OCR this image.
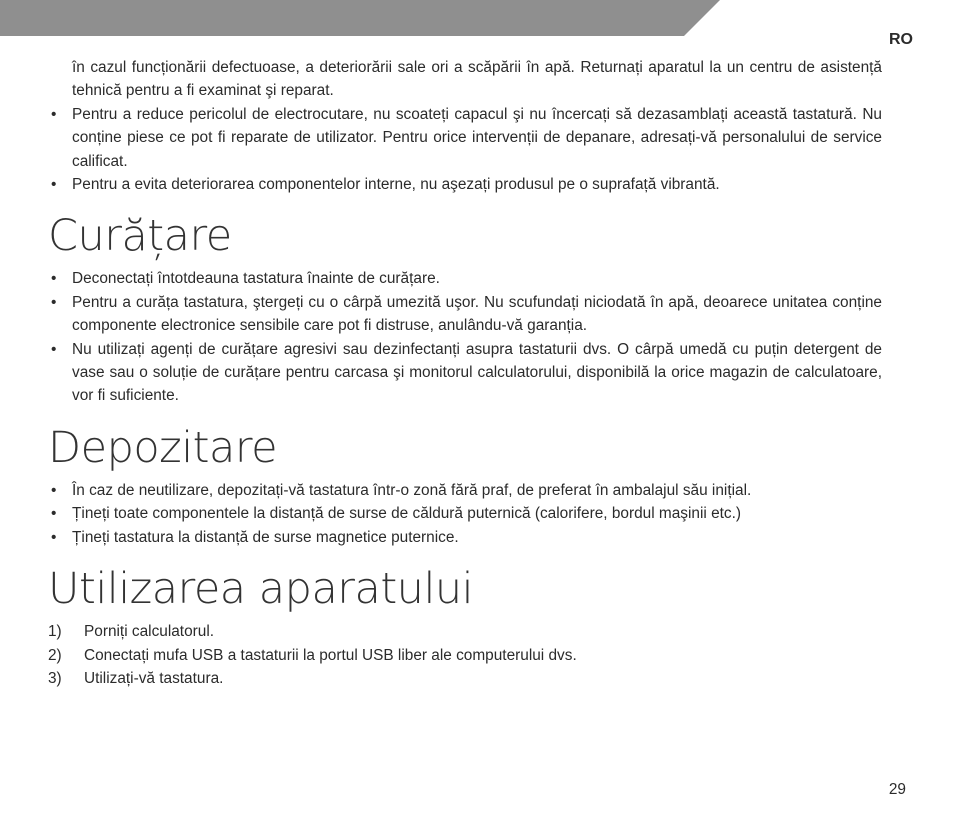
RO

în cazul funcționării defectuoase, a deteriorării sale ori a scăpării în apă. Returnați aparatul la un centru de asistență tehnică pentru a fi examinat şi reparat.

• Pentru a reduce pericolul de electrocutare, nu scoateți capacul şi nu încercați să dezasamblați această tastatură. Nu conține piese ce pot fi reparate de utilizator. Pentru orice intervenții de depanare, adresați-vă personalului de service calificat.
• Pentru a evita deteriorarea componentelor interne, nu aşezați produsul pe o suprafață vibrantă.
Curățare
• Deconectați întotdeauna tastatura înainte de curățare.
• Pentru a curăța tastatura, ştergeți cu o cârpă umezită uşor. Nu scufundați niciodată în apă, deoarece unitatea conține componente electronice sensibile care pot fi distruse, anulându-vă garanția.
• Nu utilizați agenți de curățare agresivi sau dezinfectanți asupra tastaturii dvs. O cârpă umedă cu puțin detergent de vase sau o soluție de curățare pentru carcasa şi monitorul calculatorului, disponibilă la orice magazin de calculatoare, vor fi suficiente.
Depozitare
• În caz de neutilizare, depozitați-vă tastatura într-o zonă fără praf, de preferat în ambalajul său inițial.
• Țineți toate componentele la distanță de surse de căldură puternică (calorifere, bordul maşinii etc.)
• Țineți tastatura la distanță de surse magnetice puternice.
Utilizarea aparatului
1) Porniți calculatorul.
2) Conectați mufa USB a tastaturii la portul USB liber ale computerului dvs.
3) Utilizați-vă tastatura.
29
